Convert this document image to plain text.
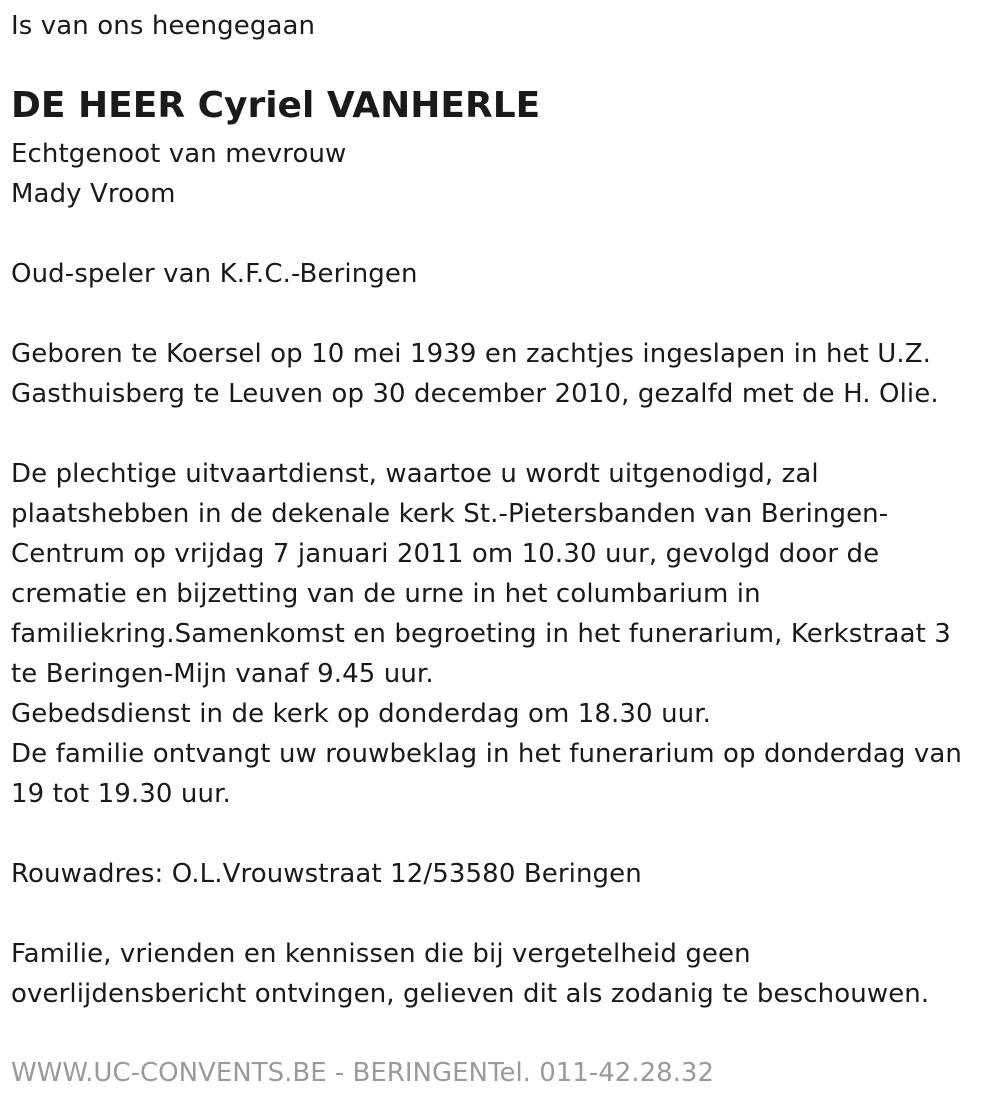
Is van ons heengegaan
DE HEER Cyriel VANHERLE
Echtgenoot van mevrouw
Mady Vroom
Oud-speler van K.F.C.-Beringen
Geboren te Koersel op 10 mei 1939 en zachtjes ingeslapen in het U.Z.
Gasthuisberg te Leuven op 30 december 2010, gezalfd met de H. Olie.
De plechtige uitvaartdienst, waartoe u wordt uitgenodigd, zal
plaatshebben in de dekenale kerk St.-Pietersbanden van Beringen-
Centrum op vrijdag 7 januari 2011 om 10.30 uur, gevolgd door de
crematie en bijzetting van de urne in het columbarium in
familiekring.Samenkomst en begroeting in het funerarium, Kerkstraat 3
te Beringen-Mijn vanaf 9.45 uur.
Gebedsdienst in de kerk op donderdag om 18.30 uur.
De familie ontvangt uw rouwbeklag in het funerarium op donderdag van
19 tot 19.30 uur.
Rouwadres: O.L.Vrouwstraat 12/53580 Beringen
Familie, vrienden en kennissen die bij vergetelheid geen
overlijdensbericht ontvingen, gelieven dit als zodanig te beschouwen.
WWW.UC-CONVENTS.BE - BERINGENTel. 011-42.28.32
